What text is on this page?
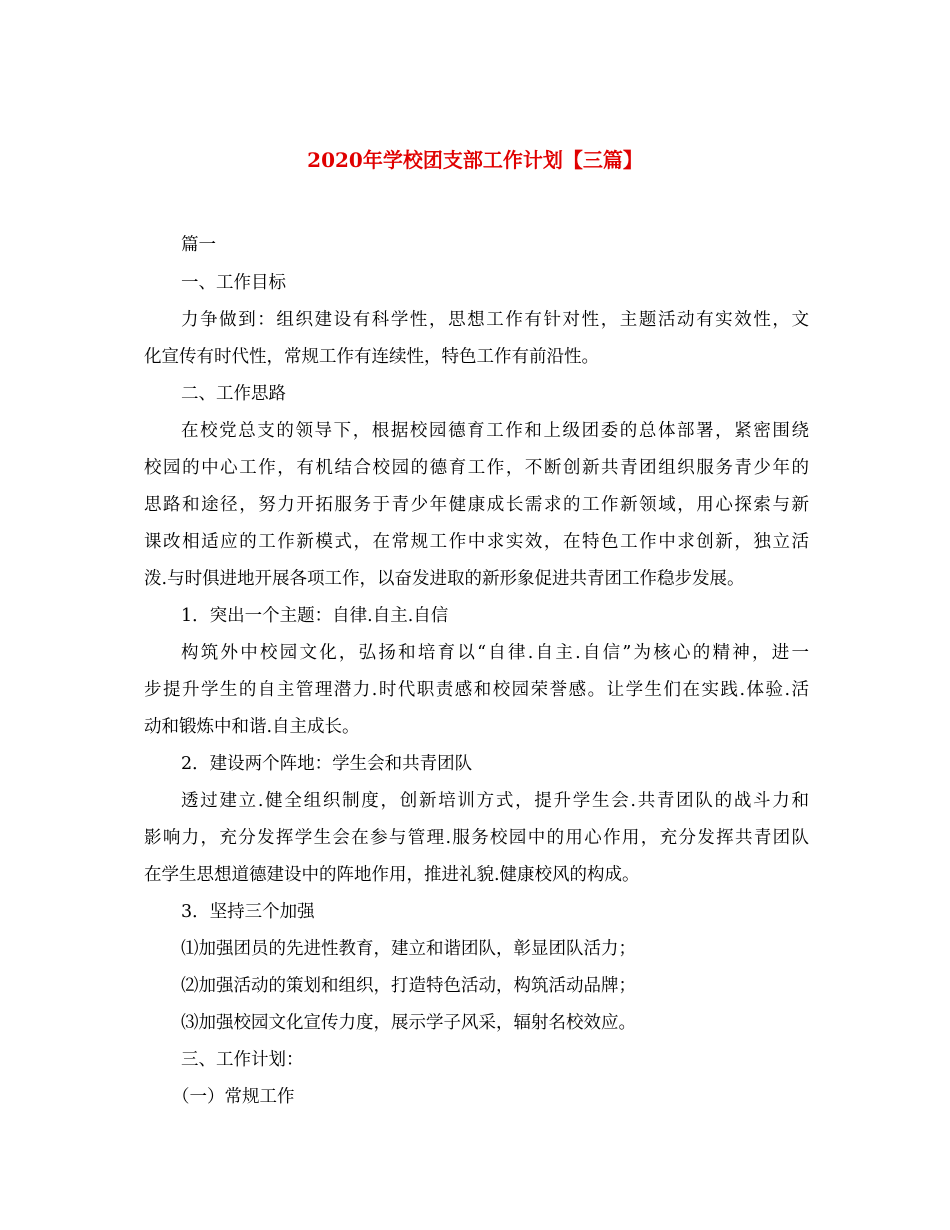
2020年学校团支部工作计划【三篇】
篇一
一、工作目标
力争做到：组织建设有科学性，思想工作有针对性，主题活动有实效性，文
化宣传有时代性，常规工作有连续性，特色工作有前沿性。
二、工作思路
在校党总支的领导下，根据校园德育工作和上级团委的总体部署，紧密围绕
校园的中心工作，有机结合校园的德育工作，不断创新共青团组织服务青少年的
思路和途径，努力开拓服务于青少年健康成长需求的工作新领域，用心探索与新
课改相适应的工作新模式，在常规工作中求实效，在特色工作中求创新，独立活
泼.与时俱进地开展各项工作，以奋发进取的新形象促进共青团工作稳步发展。
1．突出一个主题：自律.自主.自信
构筑外中校园文化，弘扬和培育以“自律.自主.自信”为核心的精神，进一
步提升学生的自主管理潜力.时代职责感和校园荣誉感。让学生们在实践.体验.活
动和锻炼中和谐.自主成长。
2．建设两个阵地：学生会和共青团队
透过建立.健全组织制度，创新培训方式，提升学生会.共青团队的战斗力和
影响力，充分发挥学生会在参与管理.服务校园中的用心作用，充分发挥共青团队
在学生思想道德建设中的阵地作用，推进礼貌.健康校风的构成。
3．坚持三个加强
⑴加强团员的先进性教育，建立和谐团队，彰显团队活力；
⑵加强活动的策划和组织，打造特色活动，构筑活动品牌；
⑶加强校园文化宣传力度，展示学子风采，辐射名校效应。
三、工作计划：
（一）常规工作
